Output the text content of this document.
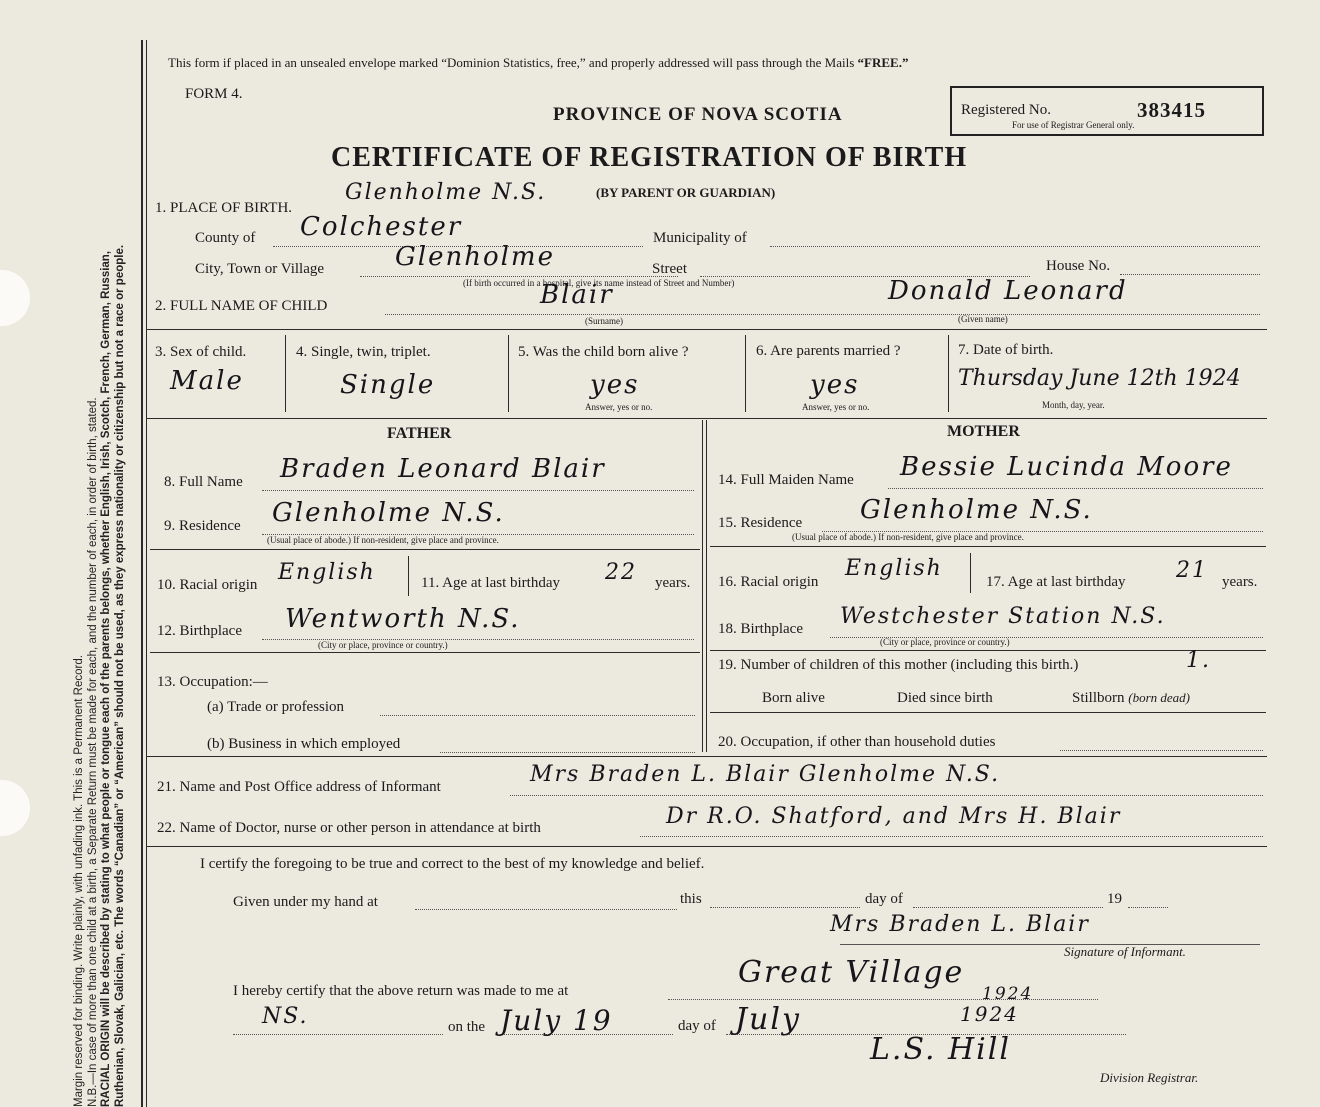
Margin reserved for binding. Write plainly, with unfading ink. This is a Permanent Record. N.B.—In case of more than one child at a birth, a Separate Return must be made for each, and the number of each, in order of birth, stated. RACIAL ORIGIN will be described by stating to what people or tongue each of the parents belongs, whether English, Irish, Scotch, French, German, Russian, Ruthenian, Slovak, Galician, etc. The words “Canadian” or “American” should not be used, as they express nationality or citizenship but not a race or people.
This form if placed in an unsealed envelope marked “Dominion Statistics, free,” and properly addressed will pass through the Mails “FREE.”
FORM 4.
PROVINCE OF NOVA SCOTIA	Registered No.	383415
For use of Registrar General only.
CERTIFICATE OF REGISTRATION OF BIRTH
1. PLACE OF BIRTH.
Glenholme N.S.	(BY PARENT OR GUARDIAN)
County of Colchester	Municipality of
City, Town or Village	Glenholme	Street	House No.
(If birth occurred in a hospital, give its name instead of Street and Number)
2. FULL NAME OF CHILD	Blair
(Surname)
Donald Leonard
(Given name)
3. Sex of child.
Male
4. Single, twin, triplet.
Single
5. Was the child born alive ?
yes
Answer, yes or no.
6. Are parents married ?
yes
Answer, yes or no.
7. Date of birth.
Thursday June 12th 1924
Month, day, year.
FATHER	MOTHER
8. Full Name Braden Leonard Blair
9. Residence Glenholme N.S.
(Usual place of abode.) If non-resident, give place and province.
10. Racial origin English	11. Age at last birthday 22 years.
12. Birthplace Wentworth N.S.
(City or place, province or country.)
13. Occupation:—
(a) Trade or profession
(b) Business in which employed
14. Full Maiden Name Bessie Lucinda Moore
15. Residence Glenholme N.S.
(Usual place of abode.) If non-resident, give place and province.
16. Racial origin
English
17. Age at last birthday 21 years.
18. Birthplace Westchester Station N.S.
(City or place, province or country.)
19. Number of children of this mother (including this birth.)	1.
Born alive	Died since birth	Stillborn (born dead)
20. Occupation, if other than household duties
21. Name and Post Office address of Informant	Mrs Braden L. Blair Glenholme N.S.
22. Name of Doctor, nurse or other person in attendance at birth	Dr R.O. Shatford, and Mrs H. Blair
I certify the foregoing to be true and correct to the best of my knowledge and belief.
Given under my hand at	this	day of	19
Mrs Braden L. Blair
Signature of Informant.
I hereby certify that the above return was made to me at
Great Village
1924
NS.	on the July 19	day of July	1924
L.S. Hill
Division Registrar.
